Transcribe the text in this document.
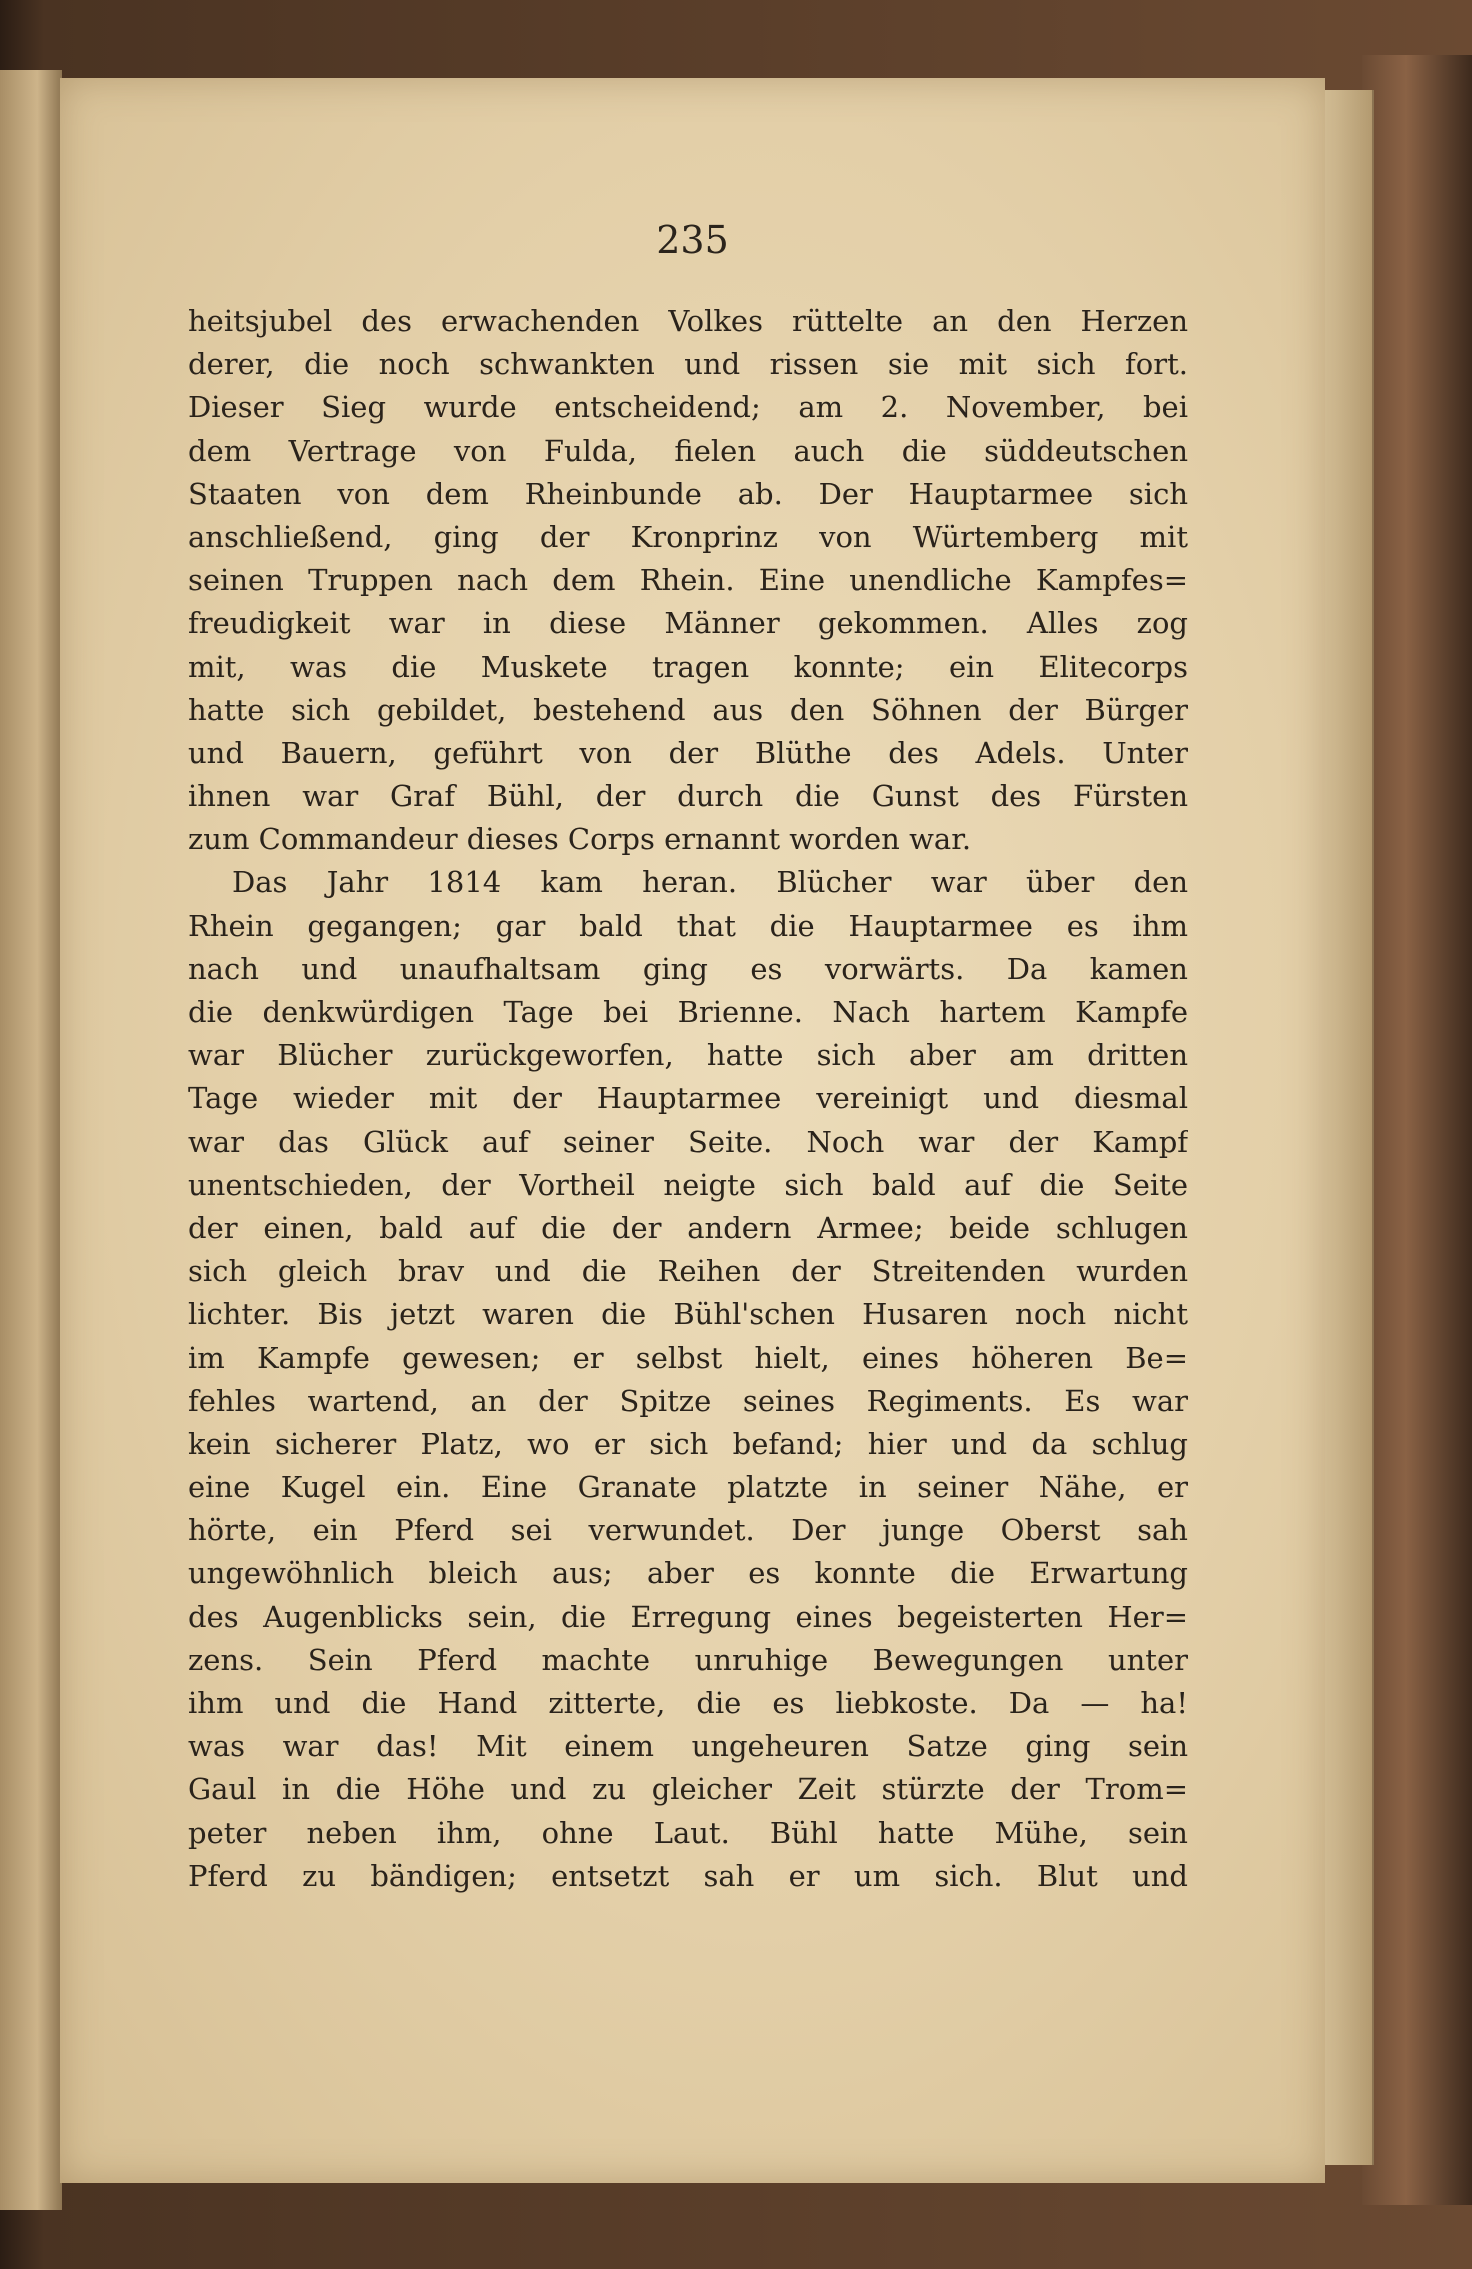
235
heitsjubel des erwachenden Volkes rüttelte an den Herzen
derer, die noch schwankten und rissen sie mit sich fort.
Dieser Sieg wurde entscheidend; am 2. November, bei
dem Vertrage von Fulda, fielen auch die süddeutschen
Staaten von dem Rheinbunde ab. Der Hauptarmee sich
anschließend, ging der Kronprinz von Würtemberg mit
seinen Truppen nach dem Rhein. Eine unendliche Kampfes=
freudigkeit war in diese Männer gekommen. Alles zog
mit, was die Muskete tragen konnte; ein Elitecorps
hatte sich gebildet, bestehend aus den Söhnen der Bürger
und Bauern, geführt von der Blüthe des Adels. Unter
ihnen war Graf Bühl, der durch die Gunst des Fürsten
zum Commandeur dieses Corps ernannt worden war.
Das Jahr 1814 kam heran. Blücher war über den
Rhein gegangen; gar bald that die Hauptarmee es ihm
nach und unaufhaltsam ging es vorwärts. Da kamen
die denkwürdigen Tage bei Brienne. Nach hartem Kampfe
war Blücher zurückgeworfen, hatte sich aber am dritten
Tage wieder mit der Hauptarmee vereinigt und diesmal
war das Glück auf seiner Seite. Noch war der Kampf
unentschieden, der Vortheil neigte sich bald auf die Seite
der einen, bald auf die der andern Armee; beide schlugen
sich gleich brav und die Reihen der Streitenden wurden
lichter. Bis jetzt waren die Bühl'schen Husaren noch nicht
im Kampfe gewesen; er selbst hielt, eines höheren Be=
fehles wartend, an der Spitze seines Regiments. Es war
kein sicherer Platz, wo er sich befand; hier und da schlug
eine Kugel ein. Eine Granate platzte in seiner Nähe, er
hörte, ein Pferd sei verwundet. Der junge Oberst sah
ungewöhnlich bleich aus; aber es konnte die Erwartung
des Augenblicks sein, die Erregung eines begeisterten Her=
zens. Sein Pferd machte unruhige Bewegungen unter
ihm und die Hand zitterte, die es liebkoste. Da — ha!
was war das! Mit einem ungeheuren Satze ging sein
Gaul in die Höhe und zu gleicher Zeit stürzte der Trom=
peter neben ihm, ohne Laut. Bühl hatte Mühe, sein
Pferd zu bändigen; entsetzt sah er um sich. Blut und
